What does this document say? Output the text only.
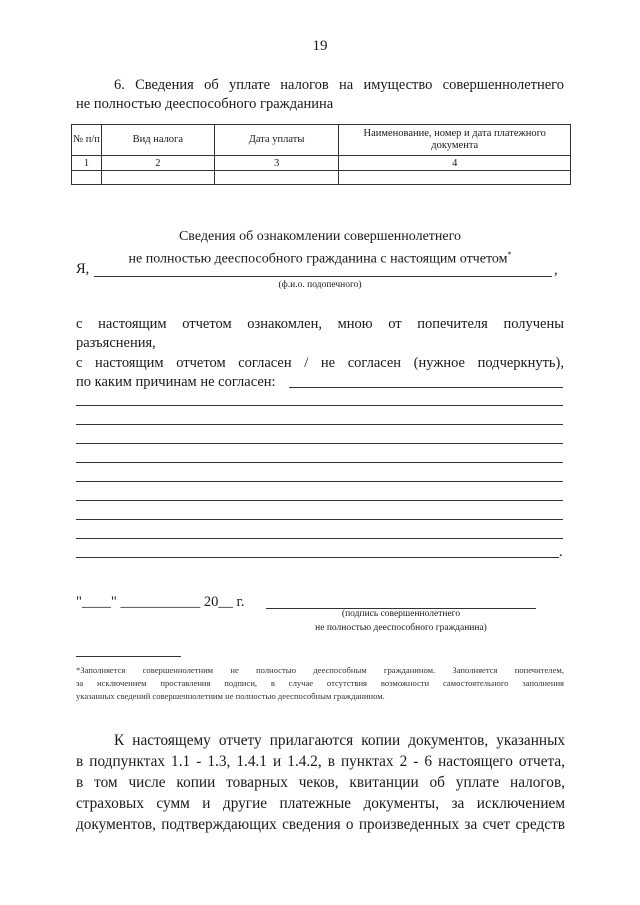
19
6. Сведения об уплате налогов на имущество совершеннолетнего
не полностью дееспособного гражданина
№ п/п	Вид налога	Дата уплаты	Наименование, номер и дата платежного документа
1	2	3	4

Сведения об ознакомлении совершеннолетнего
не полностью дееспособного гражданина с настоящим отчетом*
Я,	,
(ф.и.о. подопечного)
с настоящим отчетом ознакомлен, мною от попечителя получены
разъяснения,
с настоящим отчетом согласен / не согласен (нужное подчеркнуть),
по каким причинам не согласен:
.
"____" ___________ 20__ г.
(подпись совершеннолетнего
не полностью дееспособного гражданина)
*Заполняется совершеннолетним не полностью дееспособным гражданином. Заполняется попечителем,
за исключением проставления подписи, в случае отсутствия возможности самостоятельного заполнения
указанных сведений совершеннолетним не полностью дееспособным гражданином.
К настоящему отчету прилагаются копии документов, указанных
в подпунктах 1.1 - 1.3, 1.4.1 и 1.4.2, в пунктах 2 - 6 настоящего отчета,
в том числе копии товарных чеков, квитанции об уплате налогов,
страховых сумм и другие платежные документы, за исключением
документов, подтверждающих сведения о произведенных за счет средств
